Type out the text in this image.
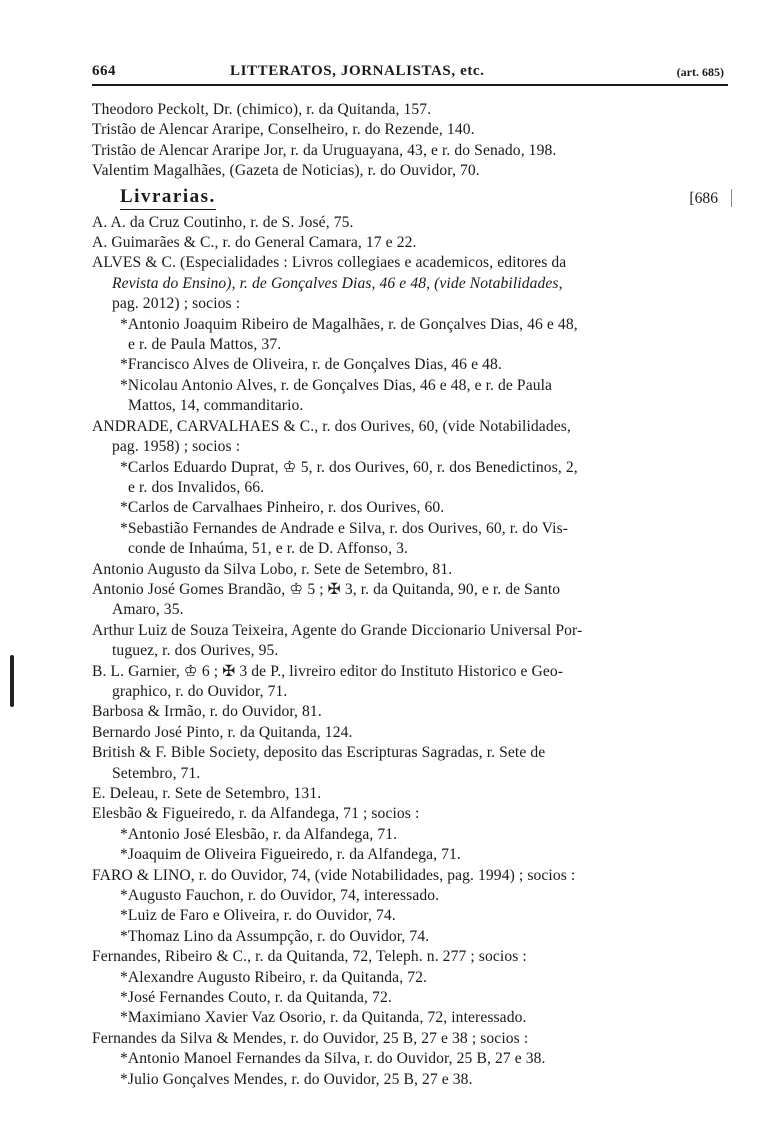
664	LITTERATOS, JORNALISTAS, etc.	(art. 685)
Theodoro Peckolt, Dr. (chimico), r. da Quitanda, 157.
Tristão de Alencar Araripe, Conselheiro, r. do Rezende, 140.
Tristão de Alencar Araripe Jor, r. da Uruguayana, 43, e r. do Senado, 198.
Valentim Magalhães, (Gazeta de Noticias), r. do Ouvidor, 70.
Livrarias.	[686
A. A. da Cruz Coutinho, r. de S. José, 75.
A. Guimarães & C., r. do General Camara, 17 e 22.
ALVES & C. (Especialidades : Livros collegiaes e academicos, editores da
Revista do Ensino), r. de Gonçalves Dias, 46 e 48, (vide Notabilidades,
pag. 2012) ; socios :
*Antonio Joaquim Ribeiro de Magalhães, r. de Gonçalves Dias, 46 e 48,
e r. de Paula Mattos, 37.
*Francisco Alves de Oliveira, r. de Gonçalves Dias, 46 e 48.
*Nicolau Antonio Alves, r. de Gonçalves Dias, 46 e 48, e r. de Paula
Mattos, 14, commanditario.
ANDRADE, CARVALHAES & C., r. dos Ourives, 60, (vide Notabilidades,
pag. 1958) ; socios :
*Carlos Eduardo Duprat, ♔ 5, r. dos Ourives, 60, r. dos Benedictinos, 2,
e r. dos Invalidos, 66.
*Carlos de Carvalhaes Pinheiro, r. dos Ourives, 60.
*Sebastião Fernandes de Andrade e Silva, r. dos Ourives, 60, r. do Vis-
conde de Inhaúma, 51, e r. de D. Affonso, 3.
Antonio Augusto da Silva Lobo, r. Sete de Setembro, 81.
Antonio José Gomes Brandão, ♔ 5 ; ✠ 3, r. da Quitanda, 90, e r. de Santo
Amaro, 35.
Arthur Luiz de Souza Teixeira, Agente do Grande Diccionario Universal Por-
tuguez, r. dos Ourives, 95.
B. L. Garnier, ♔ 6 ; ✠ 3 de P., livreiro editor do Instituto Historico e Geo-
graphico, r. do Ouvidor, 71.
Barbosa & Irmão, r. do Ouvidor, 81.
Bernardo José Pinto, r. da Quitanda, 124.
British & F. Bible Society, deposito das Escripturas Sagradas, r. Sete de
Setembro, 71.
E. Deleau, r. Sete de Setembro, 131.
Elesbão & Figueiredo, r. da Alfandega, 71 ; socios :
*Antonio José Elesbão, r. da Alfandega, 71.
*Joaquim de Oliveira Figueiredo, r. da Alfandega, 71.
FARO & LINO, r. do Ouvidor, 74, (vide Notabilidades, pag. 1994) ; socios :
*Augusto Fauchon, r. do Ouvidor, 74, interessado.
*Luiz de Faro e Oliveira, r. do Ouvidor, 74.
*Thomaz Lino da Assumpção, r. do Ouvidor, 74.
Fernandes, Ribeiro & C., r. da Quitanda, 72, Teleph. n. 277 ; socios :
*Alexandre Augusto Ribeiro, r. da Quitanda, 72.
*José Fernandes Couto, r. da Quitanda, 72.
*Maximiano Xavier Vaz Osorio, r. da Quitanda, 72, interessado.
Fernandes da Silva & Mendes, r. do Ouvidor, 25 B, 27 e 38 ; socios :
*Antonio Manoel Fernandes da Silva, r. do Ouvidor, 25 B, 27 e 38.
*Julio Gonçalves Mendes, r. do Ouvidor, 25 B, 27 e 38.
